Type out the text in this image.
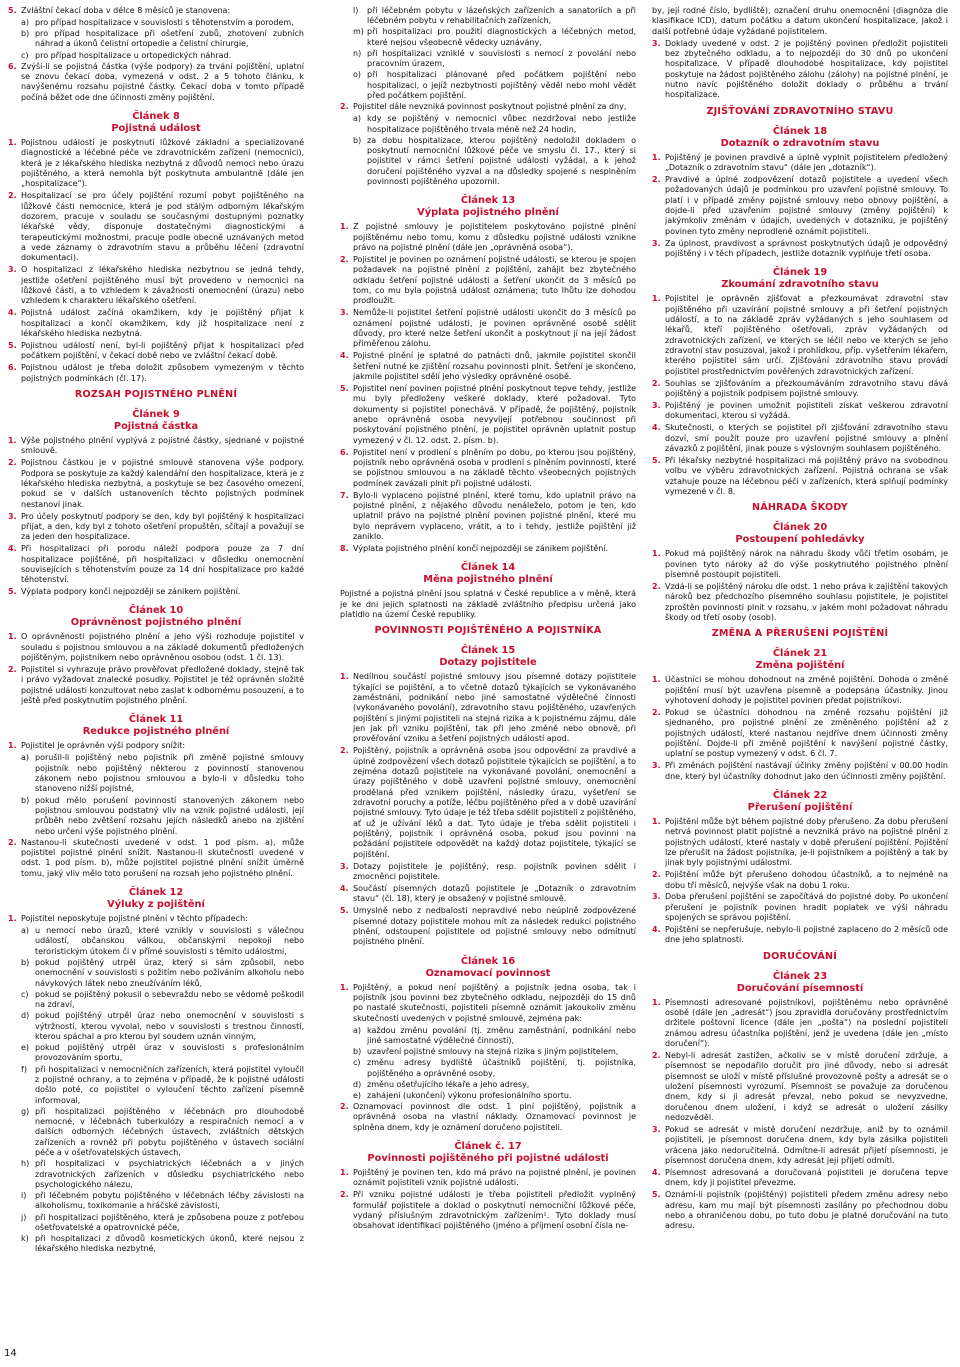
5. Zvláštní čekací doba v délce 8 měsíců je stanovena:
a) pro případ hospitalizace v souvislosti s těhotenstvím a porodem,
b) pro případ hospitalizace při ošetření zubů, zhotovení zubních náhrad a úkonů čelistní ortopedie a čelistní chirurgie,
c) pro případ hospitalizace u ortopedických náhrad.
6. Zvýší-li se pojistná částka (výše podpory) za trvání pojištění, uplatní se znovu čekací doba, vymezená v odst. 2 a 5 tohoto článku, k navýšenému rozsahu pojistné částky. Čekací doba v tomto případě počíná běžet ode dne účinnosti změny pojištění.
Článek 8
Pojistná událost
1. Pojistnou událostí je poskytnutí lůžkové základní a specializované diagnostické a léčebné péče ve zdravotnickém zařízení (nemocnici), která je z lékařského hlediska nezbytná z důvodů nemoci nebo úrazu pojištěného, a která nemohla být poskytnuta ambulantně (dále jen „hospitalizace“).
2. Hospitalizací se pro účely pojištění rozumí pobyt pojištěného na lůžkové části nemocnice, která je pod stálým odborným lékařským dozorem, pracuje v souladu se současnými dostupnými poznatky lékařské vědy, disponuje dostatečnými diagnostickými a terapeutickými možnostmi, pracuje podle obecně uznávaných metod a vede záznamy o zdravotním stavu a průběhu léčení (zdravotní dokumentaci).
3. O hospitalizaci z lékařského hlediska nezbytnou se jedná tehdy, jestliže ošetření pojištěného musí být provedeno v nemocnici na lůžkové části, a to vzhledem k závažnosti onemocnění (úrazu) nebo vzhledem k charakteru lékařského ošetření.
4. Pojistná událost začíná okamžikem, kdy je pojištěný přijat k hospitalizaci a končí okamžikem, kdy již hospitalizace není z lékařského hlediska nezbytná.
5. Pojistnou událostí není, byl-li pojištěný přijat k hospitalizaci před počátkem pojištění, v čekací době nebo ve zvláštní čekací době.
6. Pojistnou událost je třeba doložit způsobem vymezeným v těchto pojistných podmínkách (čl. 17).
ROZSAH POJISTNÉHO PLNĚNÍ
Článek 9
Pojistná částka
1. Výše pojistného plnění vyplývá z pojistné částky, sjednané v pojistné smlouvě.
2. Pojistnou částkou je v pojistné smlouvě stanovena výše podpory. Podpora se poskytuje za každý kalendářní den hospitalizace, která je z lékařského hlediska nezbytná, a poskytuje se bez časového omezení, pokud se v dalších ustanoveních těchto pojistných podmínek nestanoví jinak.
3. Pro účely poskytnutí podpory se den, kdy byl pojištěný k hospitalizaci přijat, a den, kdy byl z tohoto ošetření propuštěn, sčítají a považují se za jeden den hospitalizace.
4. Při hospitalizaci při porodu náleží podpora pouze za 7 dní hospitalizace pojištěné, při hospitalizaci v důsledku onemocnění souvisejících s těhotenstvím pouze za 14 dní hospitalizace pro každé těhotenství.
5. Výplata podpory končí nejpozději se zánikem pojištění.
Článek 10
Oprávněnost pojistného plnění
1. O oprávněnosti pojistného plnění a jeho výši rozhoduje pojistitel v souladu s pojistnou smlouvou a na základě dokumentů předložených pojištěným, pojistníkem nebo oprávněnou osobou (odst. 1 čl. 13).
2. Pojistitel si vyhrazuje právo prověřovat předložené doklady, stejně tak i právo vyžadovat znalecké posudky. Pojistitel je též oprávněn složité pojistné události konzultovat nebo zaslat k odbornému posouzení, a to ještě před poskytnutím pojistného plnění.
Článek 11
Redukce pojistného plnění
1. Pojistitel je oprávněn výši podpory snížit:
a) porušil-li pojištěný nebo pojistník při změně pojistné smlouvy pojistník nebo pojištěný některou z povinností stanovenou zákonem nebo pojistnou smlouvou a bylo-li v důsledku toho stanoveno nižší pojistné,
b) pokud mělo porušení povinností stanovených zákonem nebo pojistnou smlouvou podstatný vliv na vznik pojistné události, její průběh nebo zvětšení rozsahu jejích následků anebo na zjištění nebo určení výše pojistného plnění.
2. Nastanou-li skutečnosti uvedené v odst. 1 pod písm. a), může pojistitel pojistné plnění snížit. Nastanou-li skutečnosti uvedené v odst. 1 pod písm. b), může pojistitel pojistné plnění snížit úměrně tomu, jaký vliv mělo toto porušení na rozsah jeho pojistného plnění.
Článek 12
Výluky z pojištění
1. Pojistitel neposkytuje pojistné plnění v těchto případech:
a) u nemocí nebo úrazů, které vznikly v souvislosti s válečnou událostí, občanskou válkou, občanskými nepokoji nebo teroristickým útokem či v přímé souvislosti s těmito událostmi,
b) pokud pojištěný utrpěl úraz, který si sám způsobil, nebo onemocnění v souvislosti s požitím nebo požíváním alkoholu nebo návykových látek nebo zneužíváním léků,
c) pokud se pojištěný pokusil o sebevraždu nebo se vědomě poškodil na zdraví,
d) pokud pojištěný utrpěl úraz nebo onemocnění v souvislosti s výtržností, kterou vyvolal, nebo v souvislosti s trestnou činností, kterou spáchal a pro kterou byl soudem uznán vinným,
e) pokud pojištěný utrpěl úraz v souvislosti s profesionálním provozováním sportu,
f) při hospitalizaci v nemocničních zařízeních, která pojistitel vyloučil z pojistné ochrany, a to zejména v případě, že k pojistné události došlo poté, co pojistitel o vyloučení těchto zařízení písemně informoval,
g) při hospitalizaci pojištěného v léčebnách pro dlouhodobě nemocné, v léčebnách tuberkulózy a respiračních nemocí a v dalších odborných léčebných ústavech, zvláštních dětských zařízeních a rovněž při pobytu pojištěného v ústavech sociální péče a v ošetřovatelských ústavech,
h) při hospitalizaci v psychiatrických léčebnách a v jiných zdravotnických zařízeních v důsledku psychiatrického nebo psychologického nálezu,
i) při léčebném pobytu pojištěného v léčebnách léčby závislosti na alkoholismu, toxikomanie a hráčské závislosti,
j) při hospitalizaci pojištěného, která je způsobena pouze z potřebou ošetřovatelské a opatrovnické péče,
k) při hospitalizaci z důvodů kosmetických úkonů, které nejsou z lékařského hlediska nezbytné,
l) při léčebném pobytu v lázeňských zařízeních a sanatoriích a při léčebném pobytu v rehabilitačních zařízeních,
m) při hospitalizaci pro použití diagnostických a léčebných metod, které nejsou všeobecně vědecky uznávány,
n) při hospitalizaci vzniklé v souvislosti s nemocí z povolání nebo pracovním úrazem,
o) při hospitalizaci plánované před počátkem pojištění nebo hospitalizaci, o jejíž nezbytnosti pojištěný věděl nebo mohl vědět před počátkem pojištění.
2. Pojistitel dále nevzniká povinnost poskytnout pojistné plnění za dny,
a) kdy se pojištěný v nemocnici vůbec nezdržoval nebo jestliže hospitalizace pojištěného trvala méně než 24 hodin,
b) za dobu hospitalizace, kterou pojištěný nedoložil dokladem o poskytnutí nemocniční lůžkové péče ve smyslu čl. 17., který si pojistitel v rámci šetření pojistné události vyžádal, a k jehož doručení pojištěného vyzval a na důsledky spojené s nesplněním povinnosti pojištěného upozornil.
Článek 13
Výplata pojistného plnění
1. Z pojistné smlouvy je pojistitelem poskytováno pojistné plnění pojištěnému nebo tomu, komu z důsledku pojistné události vznikne právo na pojistné plnění (dále jen „oprávněná osoba“).
2. Pojistitel je povinen po oznámení pojistné události, se kterou je spojen požadavek na pojistné plnění z pojištění, zahájit bez zbytečného odkladu šetření pojistné události a šetření ukončit do 3 měsíců po tom, co mu byla pojistná událost oznámena; tuto lhůtu lze dohodou prodloužit.
3. Nemůže-li pojistitel šetření pojistné události ukončit do 3 měsíců po oznámení pojistné události, je povinen oprávněné osobě sdělit důvody, pro které nelze šetření ukončit a poskytnout jí na její žádost přiměřenou zálohu.
4. Pojistné plnění je splatné do patnácti dnů, jakmile pojistitel skončil šetření nutné ke zjištění rozsahu povinnosti plnit. Šetření je skončeno, jakmile pojistitel sdělí jeho výsledky oprávněné osobě.
5. Pojistitel není povinen pojistné plnění poskytnout tepve tehdy, jestliže mu byly předloženy veškeré doklady, které požadoval. Tyto dokumenty si pojistitel ponechává. V případě, že pojištěný, pojistník anebo oprávněná osoba nevyvíjejí potřebnou součinnost při poskytování pojistného plnění, je pojistitel oprávněn uplatnit postup vymezený v čl. 12. odst. 2. písm. b).
6. Pojistitel není v prodlení s plněním po dobu, po kterou jsou pojištěný, pojistník nebo oprávněná osoba v prodlení s plněním povinností, které se pojistnou smlouvou a na základě těchto všeobecných pojistných podmínek zavázali plnit při pojistné události.
7. Bylo-li vyplaceno pojistné plnění, které tomu, kdo uplatnil právo na pojistné plnění, z nějakého důvodu nenáleželo, potom je ten, kdo uplatnil právo na pojistné plnění povinen pojistné plnění, které mu bylo neprávem vyplaceno, vrátit, a to i tehdy, jestliže pojištění již zaniklo.
8. Výplata pojistného plnění končí nejpozději se zánikem pojištění.
Článek 14
Měna pojistného plnění
Pojistné a pojistná plnění jsou splatná v České republice a v měně, která je ke dni jejich splatnosti na základě zvláštního předpisu určená jako platidlo na území České republiky.
POVINNOSTI POJIŠTĚNÉHO A POJISTNÍKA
Článek 15
Dotazy pojistitele
1. Nedílnou součástí pojistné smlouvy jsou písemné dotazy pojistitele týkající se pojištění, a to včetně dotazů týkajících se vykonávaného zaměstnání, podnikání nebo jiné samostatné výdělečné činnosti (vykonávaného povolání), zdravotního stavu pojištěného, uzavřených pojištění s jinými pojistiteli na stejná rizika a k pojistnému zájmu, dále jen jak při vzniku pojištění, tak při jeho změně nebo obnově, při prověřování vzniku a šetření pojistných událostí apod.
2. Pojištěný, pojistník a oprávněná osoba jsou odpovědni za pravdivé a úplné zodpovězení všech dotazů pojistitele týkajících se pojištění, a to zejména dotazů pojistitele na vykonávané povolání, onemocnění a úrazy pojištěného v době uzavření pojistné smlouvy, onemocnění prodělaná před vznikem pojištění, následky úrazu, vyšetření se zdravotní poruchy a potíže, léčbu pojištěného před a v době uzavírání pojistné smlouvy. Tyto údaje je též třeba sdělit pojistiteli z pojištěného, ať už je užívání léků a dat. Tyto údaje je třeba sdělit pojistiteli i pojištěný, pojistník i oprávněná osoba, pokud jsou povinni na požádání pojistitele odpovědět na každý dotaz pojistitele, týkající se pojištění.
3. Dotazy pojistitele je pojištěný, resp. pojistník povinen sdělit i zmocněnci pojistitele.
4. Součástí písemných dotazů pojistitele je „Dotazník o zdravotním stavu“ (čl. 18), který je obsažený v pojistné smlouvě.
5. Úmyslně nebo z nedbalosti nepravdivé nebo neúplně zodpovězené písemné dotazy pojistitele mohou mít za následek redukci pojistného plnění, odstoupení pojistitele od pojistné smlouvy nebo odmítnutí pojistného plnění.
Článek 16
Oznamovací povinnost
1. Pojištěný, a pokud není pojištěný a pojistník jedna osoba, tak i pojistník jsou povinni bez zbytečného odkladu, nejpozději do 15 dnů po nastalé skutečnosti, pojistiteli písemně oznámit jakoukoliv změnu skutečností uvedených v pojistné smlouvě, zejména pak:
a) každou změnu povolání (tj. změnu zaměstnání, podnikání nebo jiné samostatné výdělečné činnosti),
b) uzavření pojistné smlouvy na stejná rizika s jiným pojistitelem,
c) změnu adresy bydliště účastníků pojištění, tj. pojistníka, pojištěného a oprávněné osoby,
d) změnu ošetřujícího lékaře a jeho adresy,
e) zahájení (ukončení) výkonu profesionálního sportu.
2. Oznamovací povinnost dle odst. 1 plní pojištěný, pojistník a oprávněná osoba na vlastní náklady. Oznamovací povinnost je splněna dnem, kdy je oznámení doručeno pojistiteli.
Článek č. 17
Povinnosti pojištěného při pojistné události
1. Pojištěný je povinen ten, kdo má právo na pojistné plnění, je povinen oznámit pojistiteli vznik pojistné události.
2. Při vzniku pojistné události je třeba pojistiteli předložit vyplněný formulář pojistitele a doklad o poskytnutí nemocniční lůžkové péče, vydaný příslušným zdravotnickým zařízením¹. Tyto doklady musí obsahovat identifikaci pojištěného (jméno a příjmení osobní čísla ne-
by, její rodné číslo, bydliště), označení druhu onemocnění (diagnóza dle klasifikace ICD), datum počátku a datum ukončení hospitalizace, jakož i další potřebné údaje vyžádané pojistitelem.
3. Doklady uvedené v odst. 2 je pojištěný povinen předložit pojistiteli bez zbytečného odkladu, a to nejpozději do 30 dnů po ukončení hospitalizace. V případě dlouhodobé hospitalizace, kdy pojistitel poskytuje na žádost pojištěného zálohu (zálohy) na pojistné plnění, je nutno navíc pojištěného doložit doklady o průběhu a trvání hospitalizace.
ZJIŠŤOVÁNÍ ZDRAVOTNÍHO STAVU
Článek 18
Dotazník o zdravotním stavu
1. Pojištěný je povinen pravdivě a úplně vyplnit pojistitelem předložený „Dotazník o zdravotním stavu“ (dále jen „dotazník“).
2. Pravdivé a úplné zodpovězení dotazů pojistitele a uvedení všech požadovaných údajů je podmínkou pro uzavření pojistné smlouvy. To platí i v případě změny pojistné smlouvy nebo obnovy pojištění, a dojde-li před uzavřením pojistné smlouvy (změny pojištění) k jakýmkoliv změnám v údajích, uvedených v dotazníku, je pojištěný povinen tyto změny neprodleně oznámit pojistiteli.
3. Za úplnost, pravdivost a správnost poskytnutých údajů je odpovědný pojištěný i v těch případech, jestliže dotazník vyplňuje třetí osoba.
Článek 19
Zkoumání zdravotního stavu
1. Pojistitel je oprávněn zjišťovat a přezkoumávat zdravotní stav pojištěného při uzavírání pojistné smlouvy a při šetření pojistných událostí, a to na základě zpráv vyžádaných s jeho souhlasem od lékařů, kteří pojištěného ošetřovali, zpráv vyžádaných od zdravotnických zařízení, ve kterých se léčil nebo ve kterých se jeho zdravotní stav posuzoval, jakož i prohlídkou, příp. vyšetřením lékařem, kterého pojistitel sám určí. Zjišťování zdravotního stavu provádí pojistitel prostřednictvím pověřených zdravotnických zařízení.
2. Souhlas se zjišťováním a přezkoumáváním zdravotního stavu dává pojištěný a pojistník podpisem pojistné smlouvy.
3. Pojištěný je povinen umožnit pojistiteli získat veškerou zdravotní dokumentaci, kterou si vyžádá.
4. Skutečnosti, o kterých se pojistitel při zjišťování zdravotního stavu dozví, smí použít pouze pro uzavření pojistné smlouvy a plnění závazků z pojištění, jinak pouze s výslovným souhlasem pojištěného.
5. Při lékařsky nezbytné hospitalizaci má pojištěný právo na svobodnou volbu ve výběru zdravotnických zařízení. Pojistná ochrana se však vztahuje pouze na léčebnou péči v zařízeních, která splňují podmínky vymezené v čl. 8.
NÁHRADA ŠKODY
Článek 20
Postoupení pohledávky
1. Pokud má pojištěný nárok na náhradu škody vůči třetím osobám, je povinen tyto nároky až do výše poskytnutého pojistného plnění písemně postoupit pojistiteli.
2. Vzdá-li se pojištěný nároku dle odst. 1 nebo práva k zajištění takových nároků bez předchozího písemného souhlasu pojistitele, je pojistitel zproštěn povinnosti plnit v rozsahu, v jakém mohl požadovat náhradu škody od třetí osoby (osob).
ZMĚNA A PŘERUŠENÍ POJIŠTĚNÍ
Článek 21
Změna pojištění
1. Účastníci se mohou dohodnout na změně pojištění. Dohoda o změně pojištění musí být uzavřena písemně a podepsána účastníky. Jinou vyhotovení dohody je pojistitel povinen předat pojistníkovi.
2. Pokud se účastníci dohodnou na změně rozsahu pojištění již sjednaného, pro pojistné plnění ze změněného pojištění až z pojistných událostí, které nastanou nejdříve dnem účinnosti změny pojištění. Dojde-li při změně pojištění k navýšení pojistné částky, uplatní se postup vymezený v odst. 6 čl. 7.
3. Při změnách pojištění nastávají účinky změny pojištění v 00.00 hodin dne, který byl účastníky dohodnut jako den účinnosti změny pojištění.
Článek 22
Přerušení pojištění
1. Pojištění může být během pojistné doby přerušeno. Za dobu přerušení netrvá povinnost platit pojistné a nevzniká právo na pojistné plnění z pojistných událostí, které nastaly v době přerušení pojištění. Pojištění lze přerušit na žádost pojistníka, je-li pojistníkem a pojištěný a tak by jinak byly pojistnými událostmi.
2. Pojištění může být přerušeno dohodou účastníků, a to nejméně na dobu tří měsíců, nejvýše však na dobu 1 roku.
3. Doba přerušení pojištění se započítává do pojistné doby. Po ukončení přerušení je pojistník povinen hradit poplatek ve výši náhradu spojených se správou pojištění.
4. Pojištění se nepřerušuje, nebylo-li pojistné zaplaceno do 2 měsíců ode dne jeho splatnosti.
DORUČOVÁNÍ
Článek 23
Doručování písemností
1. Písemnosti adresované pojistníkovi, pojištěnému nebo oprávněné osobě (dále jen „adresát“) jsou zpravidla doručovány prostřednictvím držitele poštovní licence (dále jen „pošta“) na poslední pojistiteli známou adresu účastníka pojištění, jenž je uvedena (dále jen „místo doručení“).
2. Nebyl-li adresát zastižen, ačkoliv se v místě doručení zdržuje, a písemnost se nepodařilo doručit pro jiné důvody, nebo si adresát písemnost se uloží v místě příslušné provozovně pošty a adresát se o uložení písemnosti vyrozumí. Písemnost se považuje za doručenou dnem, kdy si ji adresát převzal, nebo pokud se nevyzvedne, doručenou dnem uložení, i když se adresát o uložení zásilky nedozvěděl.
3. Pokud se adresát v místě doručení nezdržuje, aniž by to oznámil pojistiteli, je písemnost doručena dnem, kdy byla zásilka pojistiteli vrácena jako nedoručitelná. Odmítne-li adresát přijetí písemnosti, je písemnost doručena dnem, kdy adresát její přijetí odmítl.
4. Písemnost adresovaná a doručovaná pojistiteli je doručena tepve dnem, kdy ji pojistitel převezme.
5. Oznámí-li pojistník (pojištěný) pojistiteli předem změnu adresy nebo adresu, kam mu mají být písemnosti zasílány po přechodnou dobu nebo a ohraničenou dobu, po tuto dobu je platné doručování na tuto adresu.
14
